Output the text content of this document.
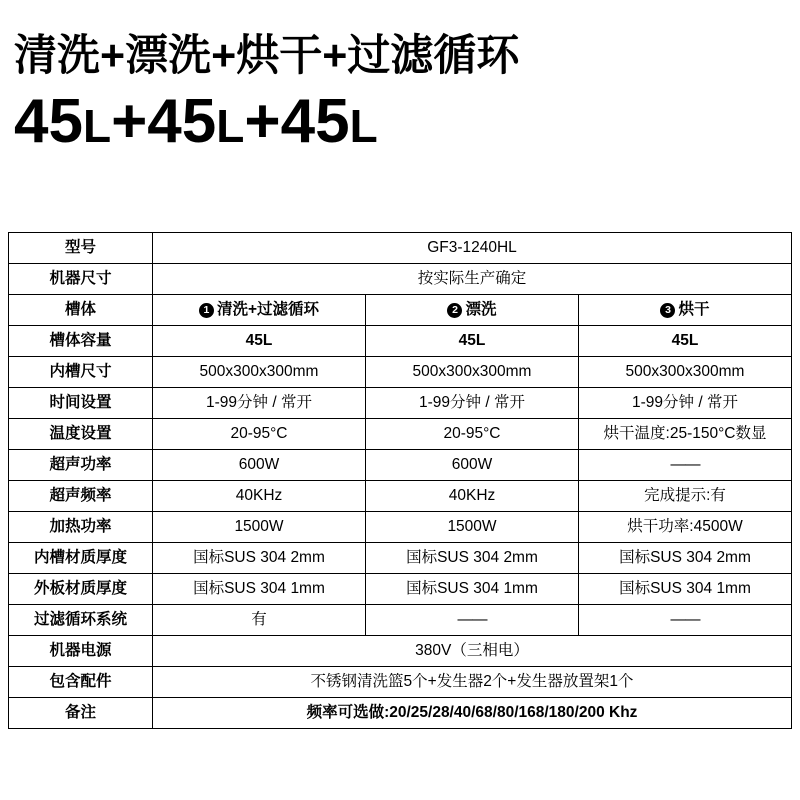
清洗+漂洗+烘干+过滤循环
45L+45L+45L
型号	GF3-1240HL		
机器尺寸	按实际生产确定		
槽体	1 清洗+过滤循环	2 漂洗	3 烘干
槽体容量	45L	45L	45L
内槽尺寸	500x300x300mm	500x300x300mm	500x300x300mm
时间设置	1-99分钟 / 常开	1-99分钟 / 常开	1-99分钟 / 常开
温度设置	20-95°C	20-95°C	烘干温度:25-150°C数显
超声功率	600W	600W	——
超声频率	40KHz	40KHz	完成提示:有
加热功率	1500W	1500W	烘干功率:4500W
内槽材质厚度	国标SUS 304 2mm	国标SUS 304 2mm	国标SUS 304 2mm
外板材质厚度	国标SUS 304 1mm	国标SUS 304 1mm	国标SUS 304 1mm
过滤循环系统	有	——	——
机器电源	380V（三相电）		
包含配件	不锈钢清洗篮5个+发生器2个+发生器放置架1个		
备注	频率可选做:20/25/28/40/68/80/168/180/200 Khz		
